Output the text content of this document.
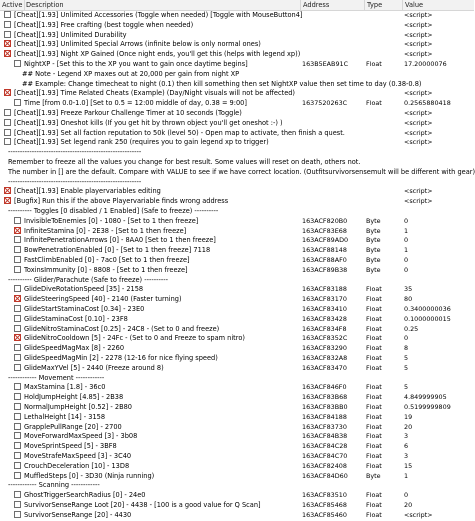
Active Description	Address	Type	Value
[Cheat][1.93] Unlimited Accessories (Toggle when needed) [Toggle with MouseButton4]	<script>
[Cheat][1.93] Free crafting (best toggle when needed)	<script>
[Cheat][1.93] Unlimited Durability	<script>
[Cheat][1.93] Unlimited Special Arrows (infinite below is only normal ones)	<script>
[Cheat][1.93] Night XP Gained (Once night ends, you'll get this (helps with legend xp))	<script>
NightXP - [Set this to the XP you want to gain once daytime begins]	163B5EAB91C	Float	17.20000076
## Note - Legend XP maxes out at 20,000 per gain from night XP
## Example: Change timecheat to night (0.1) then kill something then set NightXP value then set time to day (0.38-0.8)
[Cheat][1.93] Time Related Cheats (Example) (Day/Night visuals will not be affected)	<script>
Time [from 0.0-1.0] [Set to 0.5 = 12:00 middle of day, 0.38 = 9:00]	1637520263C	Float	0.2565880418
[Cheat][1.93] Freeze Parkour Challenge Timer at 10 seconds (Toggle)	<script>
[Cheat][1.93] Oneshot kills (If you get hit by thrown object you'll get oneshot :-) )	<script>
[Cheat][1.93] Set all faction reputation to 50k (level 50) - Open map to activate, then finish a quest.	<script>
[Cheat][1.93] Set legend rank 250 (requires you to gain legend xp to trigger)	<script>
--------------------------------------------------------
Remember to freeze all the values you change for best result. Some values will reset on death, others not.
The number in [] are the default. Compare with VALUE to see if we have correct location. (Outfitsurvivorsensemult will be different with gear)
--------------------------------------------------------
[Cheat][1.93] Enable playervariables editing	<script>
[Bugfix] Run this if the above Playervariable finds wrong address	<script>
---------- Toggles [0 disabled / 1 Enabled] (Safe to freeze) ----------
InvisibleToEnemies [0] - 1080 - [Set to 1 then freeze]	163ACF820B0	Byte	0
InfiniteStamina [0] - 2E38 - [Set to 1 then freeze]	163ACF83E68	Byte	1
InfinitePenetrationArrows [0] - 8AA0 [Set to 1 then freeze]	163ACF89AD0	Byte	0
BowPenetrationEnabled [0] - [Set to 1 then freeze] 7118	163ACF88148	Byte	1
FastClimbEnabled [0] - 7ac0 [Set to 1 then freeze]	163ACF88AF0	Byte	0
ToxinsImmunity [0] - 8808 - [Set to 1 then freeze]	163ACF89B38	Byte	0
---------- Glider/Parachute (Safe to freeze) ----------
GlideDiveRotationSpeed [35] - 2158	163ACF83188	Float	35
GlideSteeringSpeed [40] - 2140 (Faster turning)	163ACF83170	Float	80
GlideStartStaminaCost [0.34] - 23E0	163ACF83410	Float	0.3400000036
GlideStaminaCost [0.10] - 23F8	163ACF83428	Float	0.1000000015
GlideNitroStaminaCost [0.25] - 24C8 - (Set to 0 and freeze)	163ACF834F8	Float	0.25
GlideNitroCooldown [5] - 24Fc - (Set to 0 and Freeze to spam nitro)	163ACF8352C	Float	0
GlideSpeedMagMax [8] - 2260	163ACF83290	Float	8
GlideSpeedMagMin [2] - 2278 (12-16 for nice flying speed)	163ACF832A8	Float	5
GlideMaxYVel [5] - 2440 (Freeze around 8)	163ACF83470	Float	5
------------ Movement ------------
MaxStamina [1.8] - 36c0	163ACF846F0	Float	5
HoldJumpHeight [4.85] - 2B38	163ACF83B68	Float	4.849999905
NormalJumpHeight [0.52] - 2B80	163ACF83BB0	Float	0.5199999809
LethalHeight [14] - 3158	163ACF84188	Float	19
GrapplePullRange [20] - 2700	163ACF83730	Float	20
MoveForwardMaxSpeed [3] - 3b08	163ACF84B38	Float	3
MoveSprintSpeed [5] - 3BF8	163ACF84C28	Float	6
MoveStrafeMaxSpeed [3] - 3C40	163ACF84C70	Float	3
CrouchDeceleration [10] - 13D8	163ACF82408	Float	15
MuffledSteps [0] - 3D30 (Ninja running)	163ACF84D60	Byte	1
------------ Scanning ------------
GhostTriggerSearchRadius [0] - 24e0	163ACF83510	Float	0
SurvivorSenseRange Loot [20] - 4438 - [100 is a good value for Q Scan]	163ACF85468	Float	20
SurvivorSenseRange [20] - 4430	163ACF85460	Float	<script>
